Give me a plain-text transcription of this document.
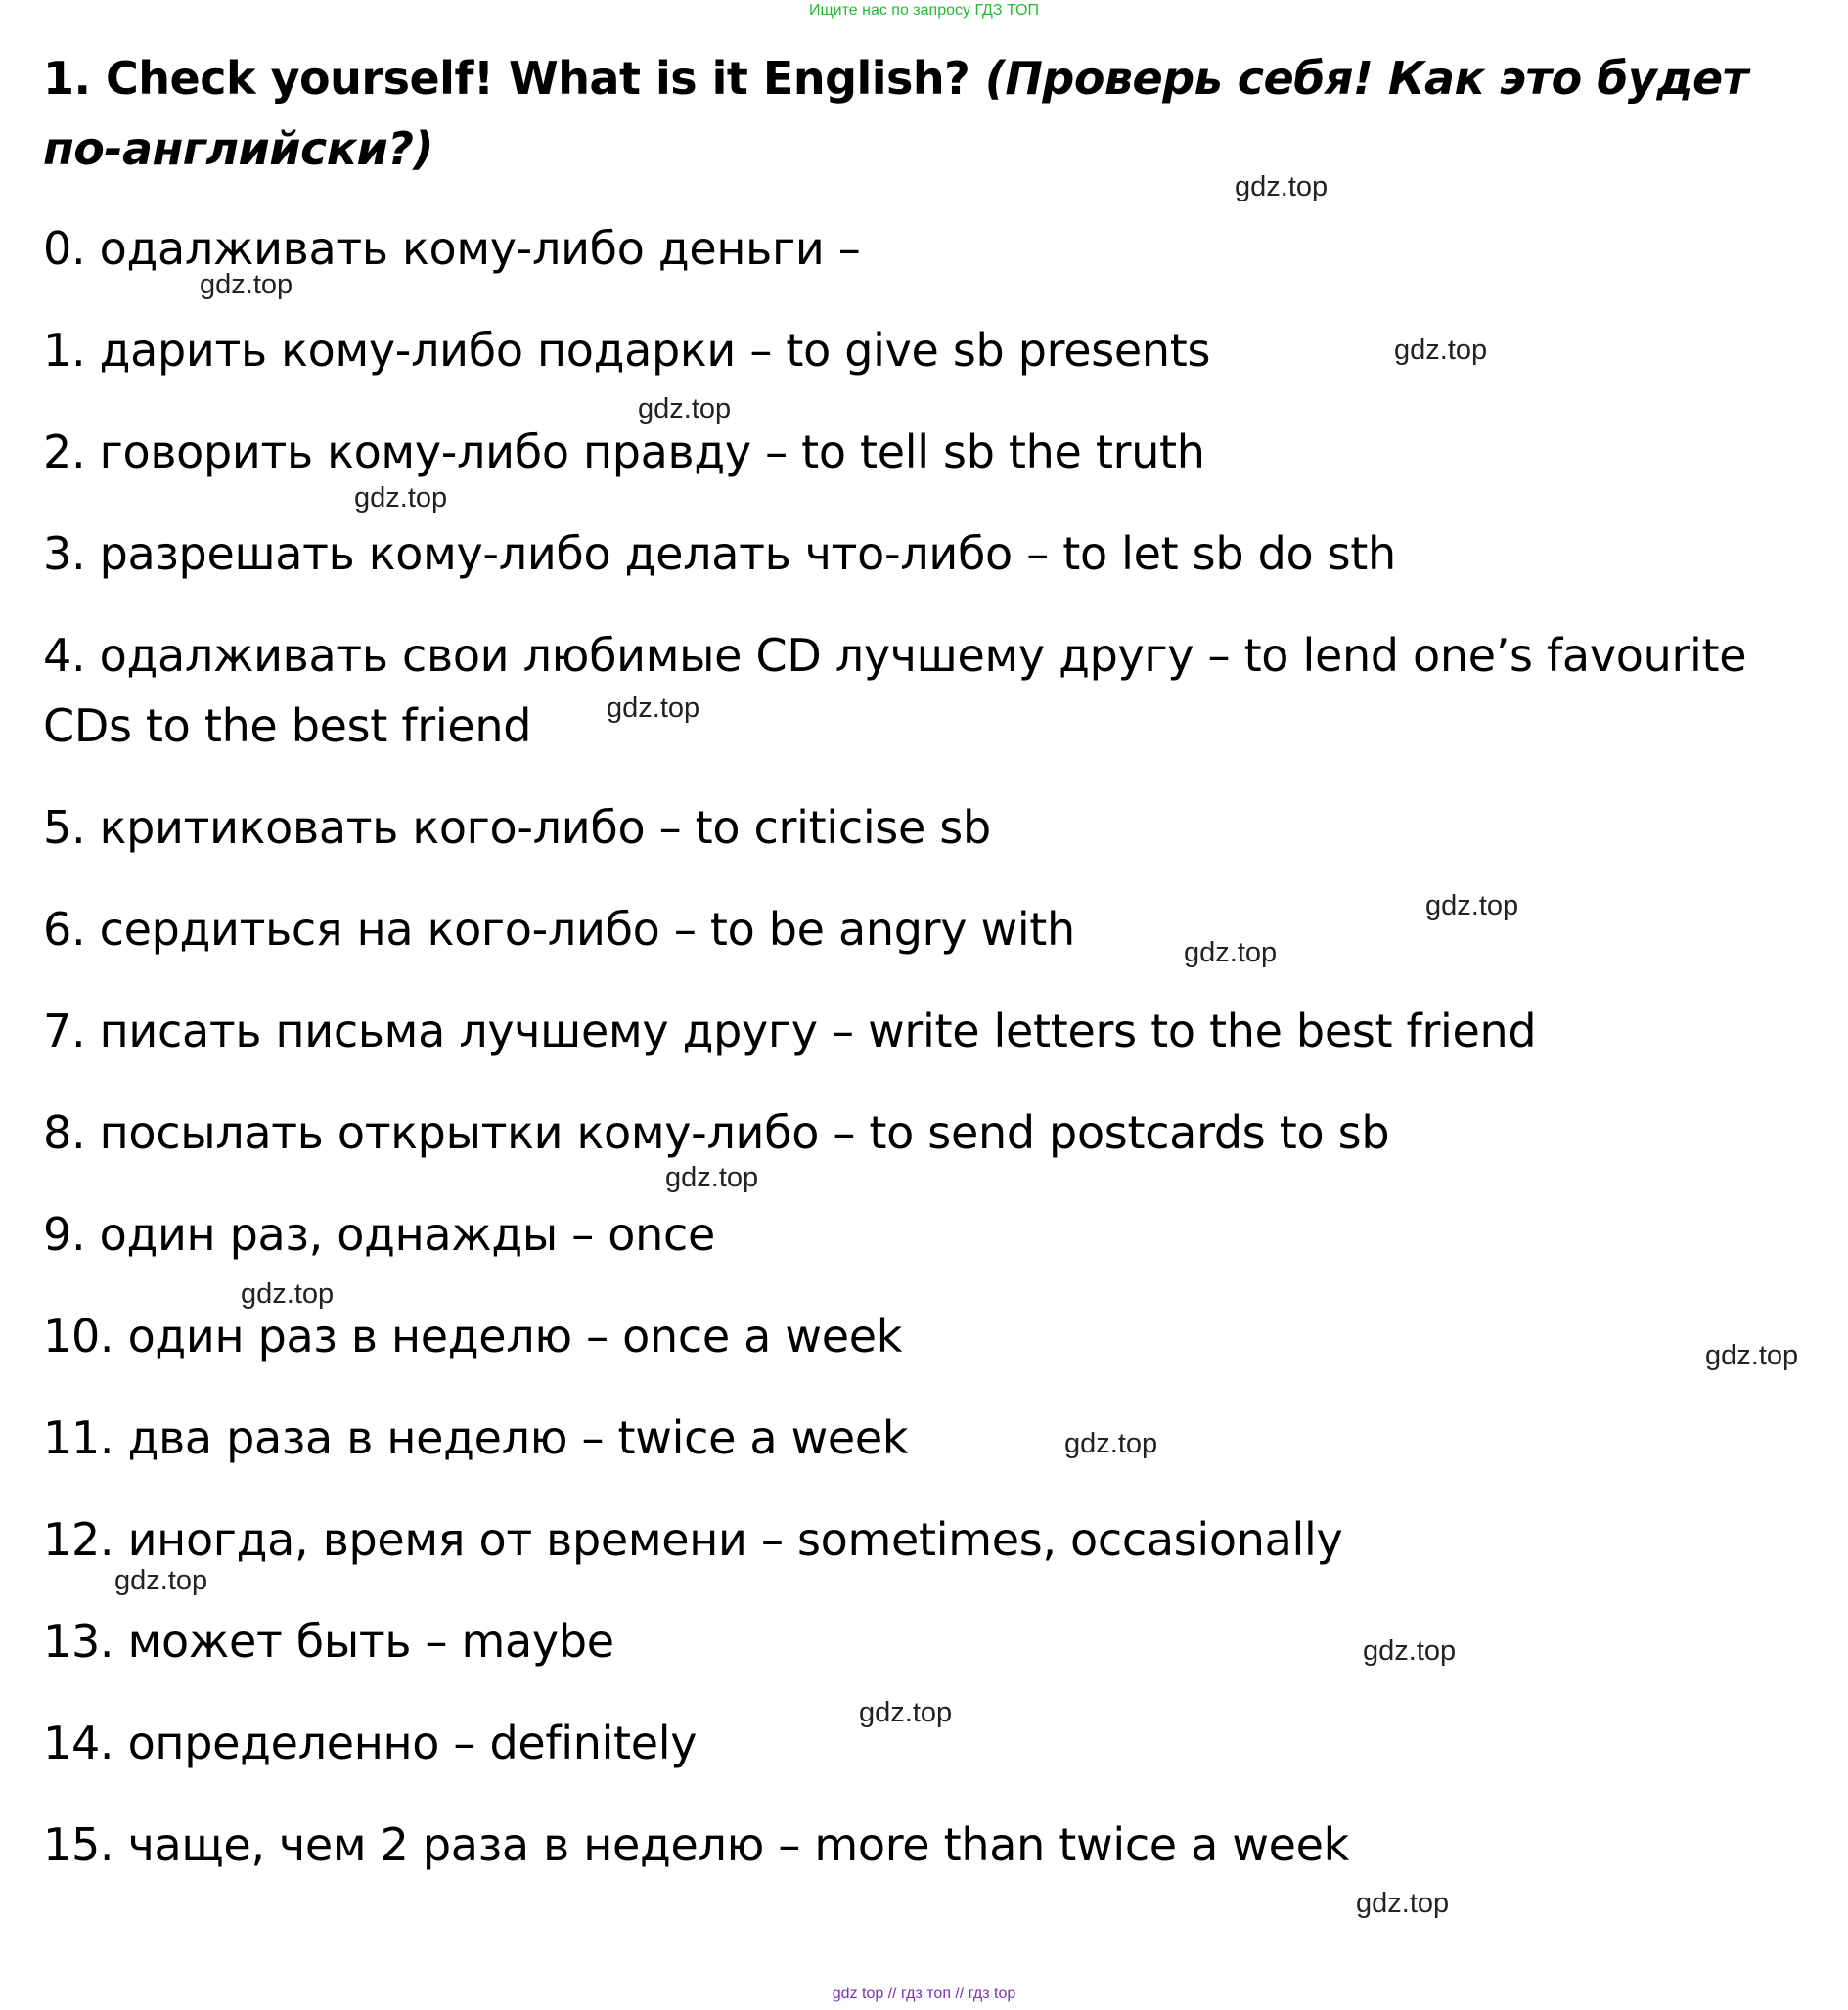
Ищите нас по запросу ГДЗ ТОП
1. Check yourself! What is it English? (Проверь себя! Как это будет по-английски?)
0. одалживать кому-либо деньги –
1. дарить кому-либо подарки – to give sb presents
2. говорить кому-либо правду – to tell sb the truth
3. разрешать кому-либо делать что-либо – to let sb do sth
4. одалживать свои любимые CD лучшему другу – to lend one’s favourite CDs to the best friend
5. критиковать кого-либо – to criticise sb
6. сердиться на кого-либо – to be angry with
7. писать письма лучшему другу – write letters to the best friend
8. посылать открытки кому-либо – to send postcards to sb
9. один раз, однажды – once
10. один раз в неделю – once a week
11. два раза в неделю – twice a week
12. иногда, время от времени – sometimes, occasionally
13. может быть – maybe
14. определенно – definitely
15. чаще, чем 2 раза в неделю – more than twice a week
gdz.top
gdz.top
gdz.top
gdz.top
gdz.top
gdz.top
gdz.top
gdz.top
gdz.top
gdz.top
gdz.top
gdz.top
gdz.top
gdz.top
gdz.top
gdz.top
gdz top // гдз топ // гдз top
